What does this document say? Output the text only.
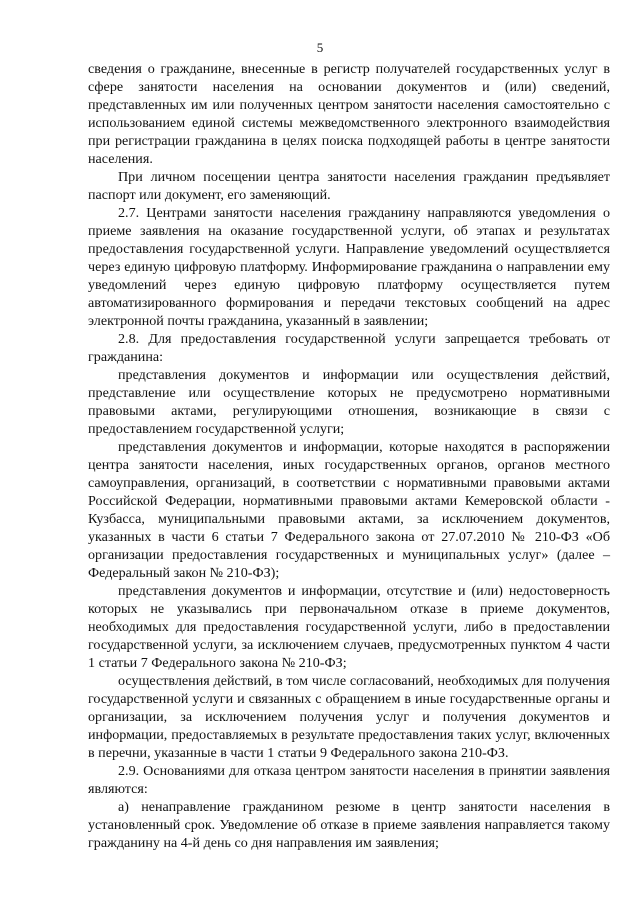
5

сведения о гражданине, внесенные в регистр получателей государственных услуг в сфере занятости населения на основании документов и (или) сведений, представленных им или полученных центром занятости населения самостоятельно с использованием единой системы межведомственного электронного взаимодействия при регистрации гражданина в целях поиска подходящей работы в центре занятости населения.

При личном посещении центра занятости населения гражданин предъявляет паспорт или документ, его заменяющий.

2.7. Центрами занятости населения гражданину направляются уведомления о приеме заявления на оказание государственной услуги, об этапах и результатах предоставления государственной услуги. Направление уведомлений осуществляется через единую цифровую платформу. Информирование гражданина о направлении ему уведомлений через единую цифровую платформу осуществляется путем автоматизированного формирования и передачи текстовых сообщений на адрес электронной почты гражданина, указанный в заявлении;

2.8. Для предоставления государственной услуги запрещается требовать от гражданина:

представления документов и информации или осуществления действий, представление или осуществление которых не предусмотрено нормативными правовыми актами, регулирующими отношения, возникающие в связи с предоставлением государственной услуги;

представления документов и информации, которые находятся в распоряжении центра занятости населения, иных государственных органов, органов местного самоуправления, организаций, в соответствии с нормативными правовыми актами Российской Федерации, нормативными правовыми актами Кемеровской области - Кузбасса, муниципальными правовыми актами, за исключением документов, указанных в части 6 статьи 7 Федерального закона от 27.07.2010 № 210-ФЗ «Об организации предоставления государственных и муниципальных услуг» (далее – Федеральный закон № 210-ФЗ);

представления документов и информации, отсутствие и (или) недостоверность которых не указывались при первоначальном отказе в приеме документов, необходимых для предоставления государственной услуги, либо в предоставлении государственной услуги, за исключением случаев, предусмотренных пунктом 4 части 1 статьи 7 Федерального закона № 210-ФЗ;

осуществления действий, в том числе согласований, необходимых для получения государственной услуги и связанных с обращением в иные государственные органы и организации, за исключением получения услуг и получения документов и информации, предоставляемых в результате предоставления таких услуг, включенных в перечни, указанные в части 1 статьи 9 Федерального закона 210-ФЗ.

2.9. Основаниями для отказа центром занятости населения в принятии заявления являются:

а) ненаправление гражданином резюме в центр занятости населения в установленный срок. Уведомление об отказе в приеме заявления направляется такому гражданину на 4-й день со дня направления им заявления;
